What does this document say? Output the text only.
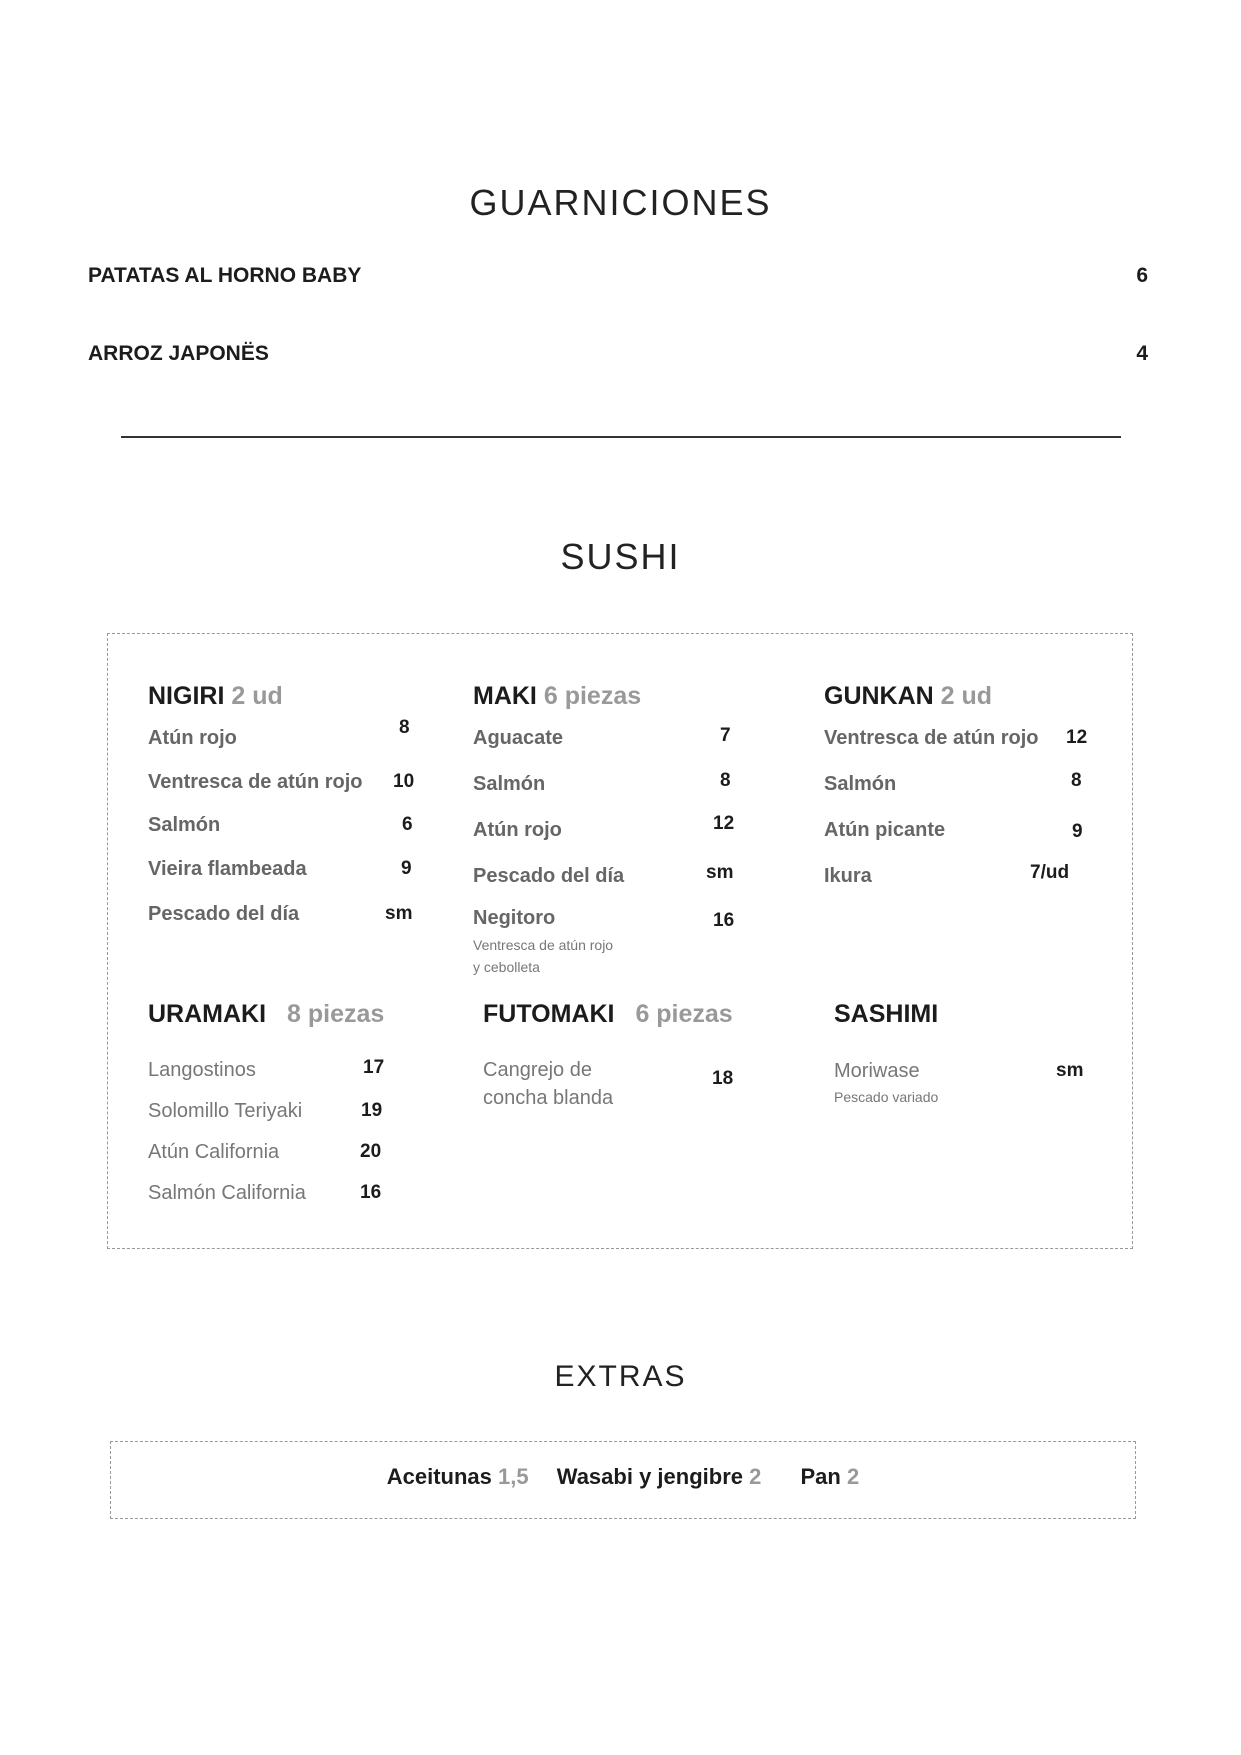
GUARNICIONES
PATATAS AL HORNO BABY	6
ARROZ JAPONËS	4
SUSHI
NIGIRI 2 ud
Atún rojo	8
Ventresca de atún rojo 10
Salmón	6
Vieira flambeada	9
Pescado del día	sm
MAKI 6 piezas
Aguacate	7
Salmón	8
Atún rojo	12
Pescado del día	sm
Negitoro	16
Ventresca de atún rojo
y cebolleta
GUNKAN 2 ud
Ventresca de atún rojo 12
Salmón	8
Atún picante	9
Ikura	7/ud
URAMAKI 8 piezas
Langostinos	17
Solomillo Teriyaki	19
Atún California	20
Salmón California	16
FUTOMAKI 6 piezas
Cangrejo de
concha blanda
18
SASHIMI
Moriwase	sm
Pescado variado
EXTRAS
Aceitunas 1,5 Wasabi y jengibre 2 Pan 2
